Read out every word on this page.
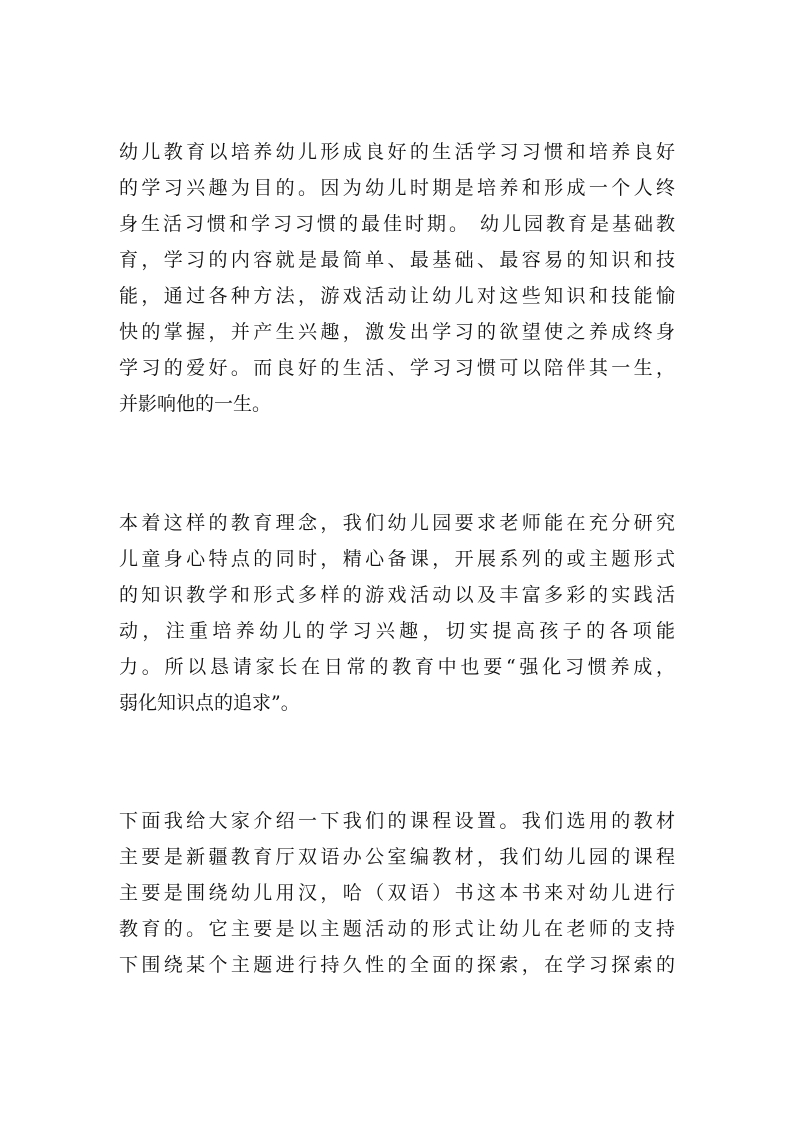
幼儿教育以培养幼儿形成良好的生活学习习惯和培养良好
的学习兴趣为目的。因为幼儿时期是培养和形成一个人终
身生活习惯和学习习惯的最佳时期。 幼儿园教育是基础教
育，学习的内容就是最简单、最基础、最容易的知识和技
能，通过各种方法，游戏活动让幼儿对这些知识和技能愉
快的掌握，并产生兴趣，激发出学习的欲望使之养成终身
学习的爱好。而良好的生活、学习习惯可以陪伴其一生，
并影响他的一生。
本着这样的教育理念，我们幼儿园要求老师能在充分研究
儿童身心特点的同时，精心备课，开展系列的或主题形式
的知识教学和形式多样的游戏活动以及丰富多彩的实践活
动，注重培养幼儿的学习兴趣，切实提高孩子的各项能
力。所以恳请家长在日常的教育中也要“强化习惯养成，
弱化知识点的追求”。
下面我给大家介绍一下我们的课程设置。我们选用的教材
主要是新疆教育厅双语办公室编教材，我们幼儿园的课程
主要是围绕幼儿用汉，哈（双语）书这本书来对幼儿进行
教育的。它主要是以主题活动的形式让幼儿在老师的支持
下围绕某个主题进行持久性的全面的探索，在学习探索的
